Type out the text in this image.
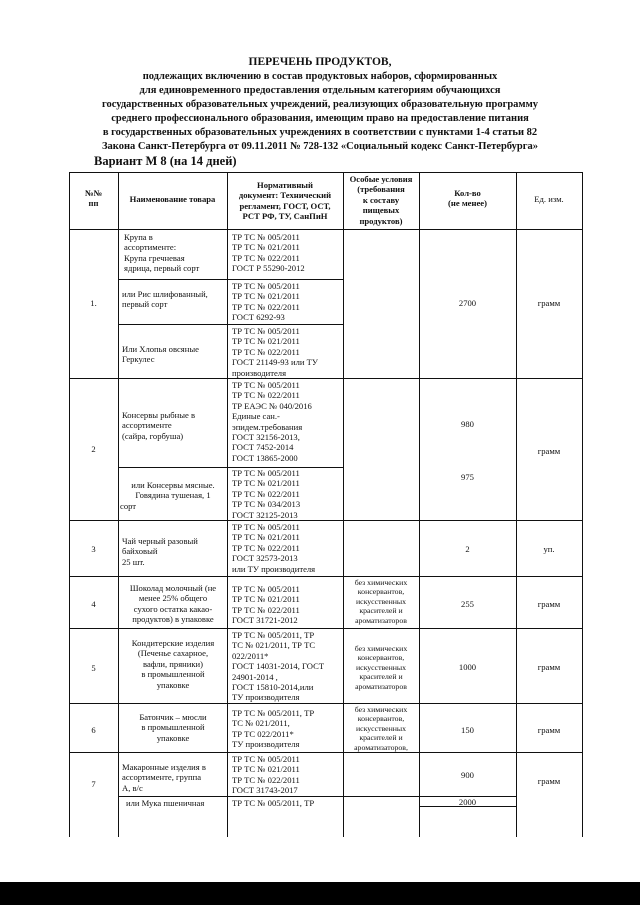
ПЕРЕЧЕНЬ ПРОДУКТОВ,
подлежащих включению в состав продуктовых наборов, сформированных
для единовременного предоставления отдельным категориям обучающихся
государственных образовательных учреждений, реализующих образовательную программу
среднего профессионального образования, имеющим право на предоставление питания
в государственных образовательных учреждениях в соответствии с пунктами 1-4 статьи 82
Закона Санкт-Петербурга от 09.11.2011 № 728-132 «Социальный кодекс Санкт-Петербурга»
Вариант М 8 (на 14 дней)
№№
пп	Наименование товара
Нормативный
документ: Технический
регламент, ГОСТ, ОСТ,
РСТ РФ, ТУ, СанПиН
Особые условия
(требования
к составу
пищевых
продуктов)
Кол-во
(не менее)	Ед. изм.
1.
2
3
4
5
6
7
Крупа в
ассортименте:
Крупа гречневая
ядрица, первый сорт
или Рис шлифованный,
первый сорт
Или Хлопья овсяные
Геркулес
Консервы рыбные в
ассортименте
(сайра, горбуша)
или Консервы мясные.
Говядина тушеная, 1
сорт
Чай черный разовый
байховый
25 шт.
Шоколад молочный (не
менее 25% общего
сухого остатка какао-
продуктов) в упаковке
Кондитерские изделия
(Печенье сахарное,
вафли, пряники)
в промышленной
упаковке
Батончик – мюсли
в промышленной
упаковке
Макаронные изделия в
ассортименте, группа
А, в/с
или Мука пшеничная
ТР ТС № 005/2011
ТР ТС № 021/2011
ТР ТС № 022/2011
ГОСТ Р 55290-2012
ТР ТС № 005/2011
ТР ТС № 021/2011
ТР ТС № 022/2011
ГОСТ 6292-93
ТР ТС № 005/2011
ТР ТС № 021/2011
ТР ТС № 022/2011
ГОСТ 21149-93 или ТУ
производителя
ТР ТС № 005/2011
ТР ТС № 022/2011
ТР ЕАЭС № 040/2016
Единые сан.-
эпидем.требования
ГОСТ 32156-2013,
ГОСТ 7452-2014
ГОСТ 13865-2000
ТР ТС № 005/2011
ТР ТС № 021/2011
ТР ТС № 022/2011
ТР ТС № 034/2013
ГОСТ 32125-2013
ТР ТС № 005/2011
ТР ТС № 021/2011
ТР ТС № 022/2011
ГОСТ 32573-2013
или ТУ производителя
ТР ТС № 005/2011
ТР ТС № 021/2011
ТР ТС № 022/2011
ГОСТ 31721-2012
ТР ТС № 005/2011, ТР
ТС № 021/2011, ТР ТС
022/2011*
ГОСТ 14031-2014, ГОСТ
24901-2014 ,
ГОСТ 15810-2014,или
ТУ производителя
ТР ТС № 005/2011, ТР
ТС № 021/2011,
ТР ТС 022/2011*
ТУ производителя
ТР ТС № 005/2011
ТР ТС № 021/2011
ТР ТС № 022/2011
ГОСТ 31743-2017
ТР ТС № 005/2011, ТР
без химических
консервантов,
искусственных
красителей и
ароматизаторов
без химических
консервантов,
искусственных
красителей и
ароматизаторов
без химических
консервантов,
искусственных
красителей и
ароматизаторов,
2700
980
975
2
255
1000
150
900
2000
грамм
грамм
уп.
грамм
грамм
грамм
грамм
